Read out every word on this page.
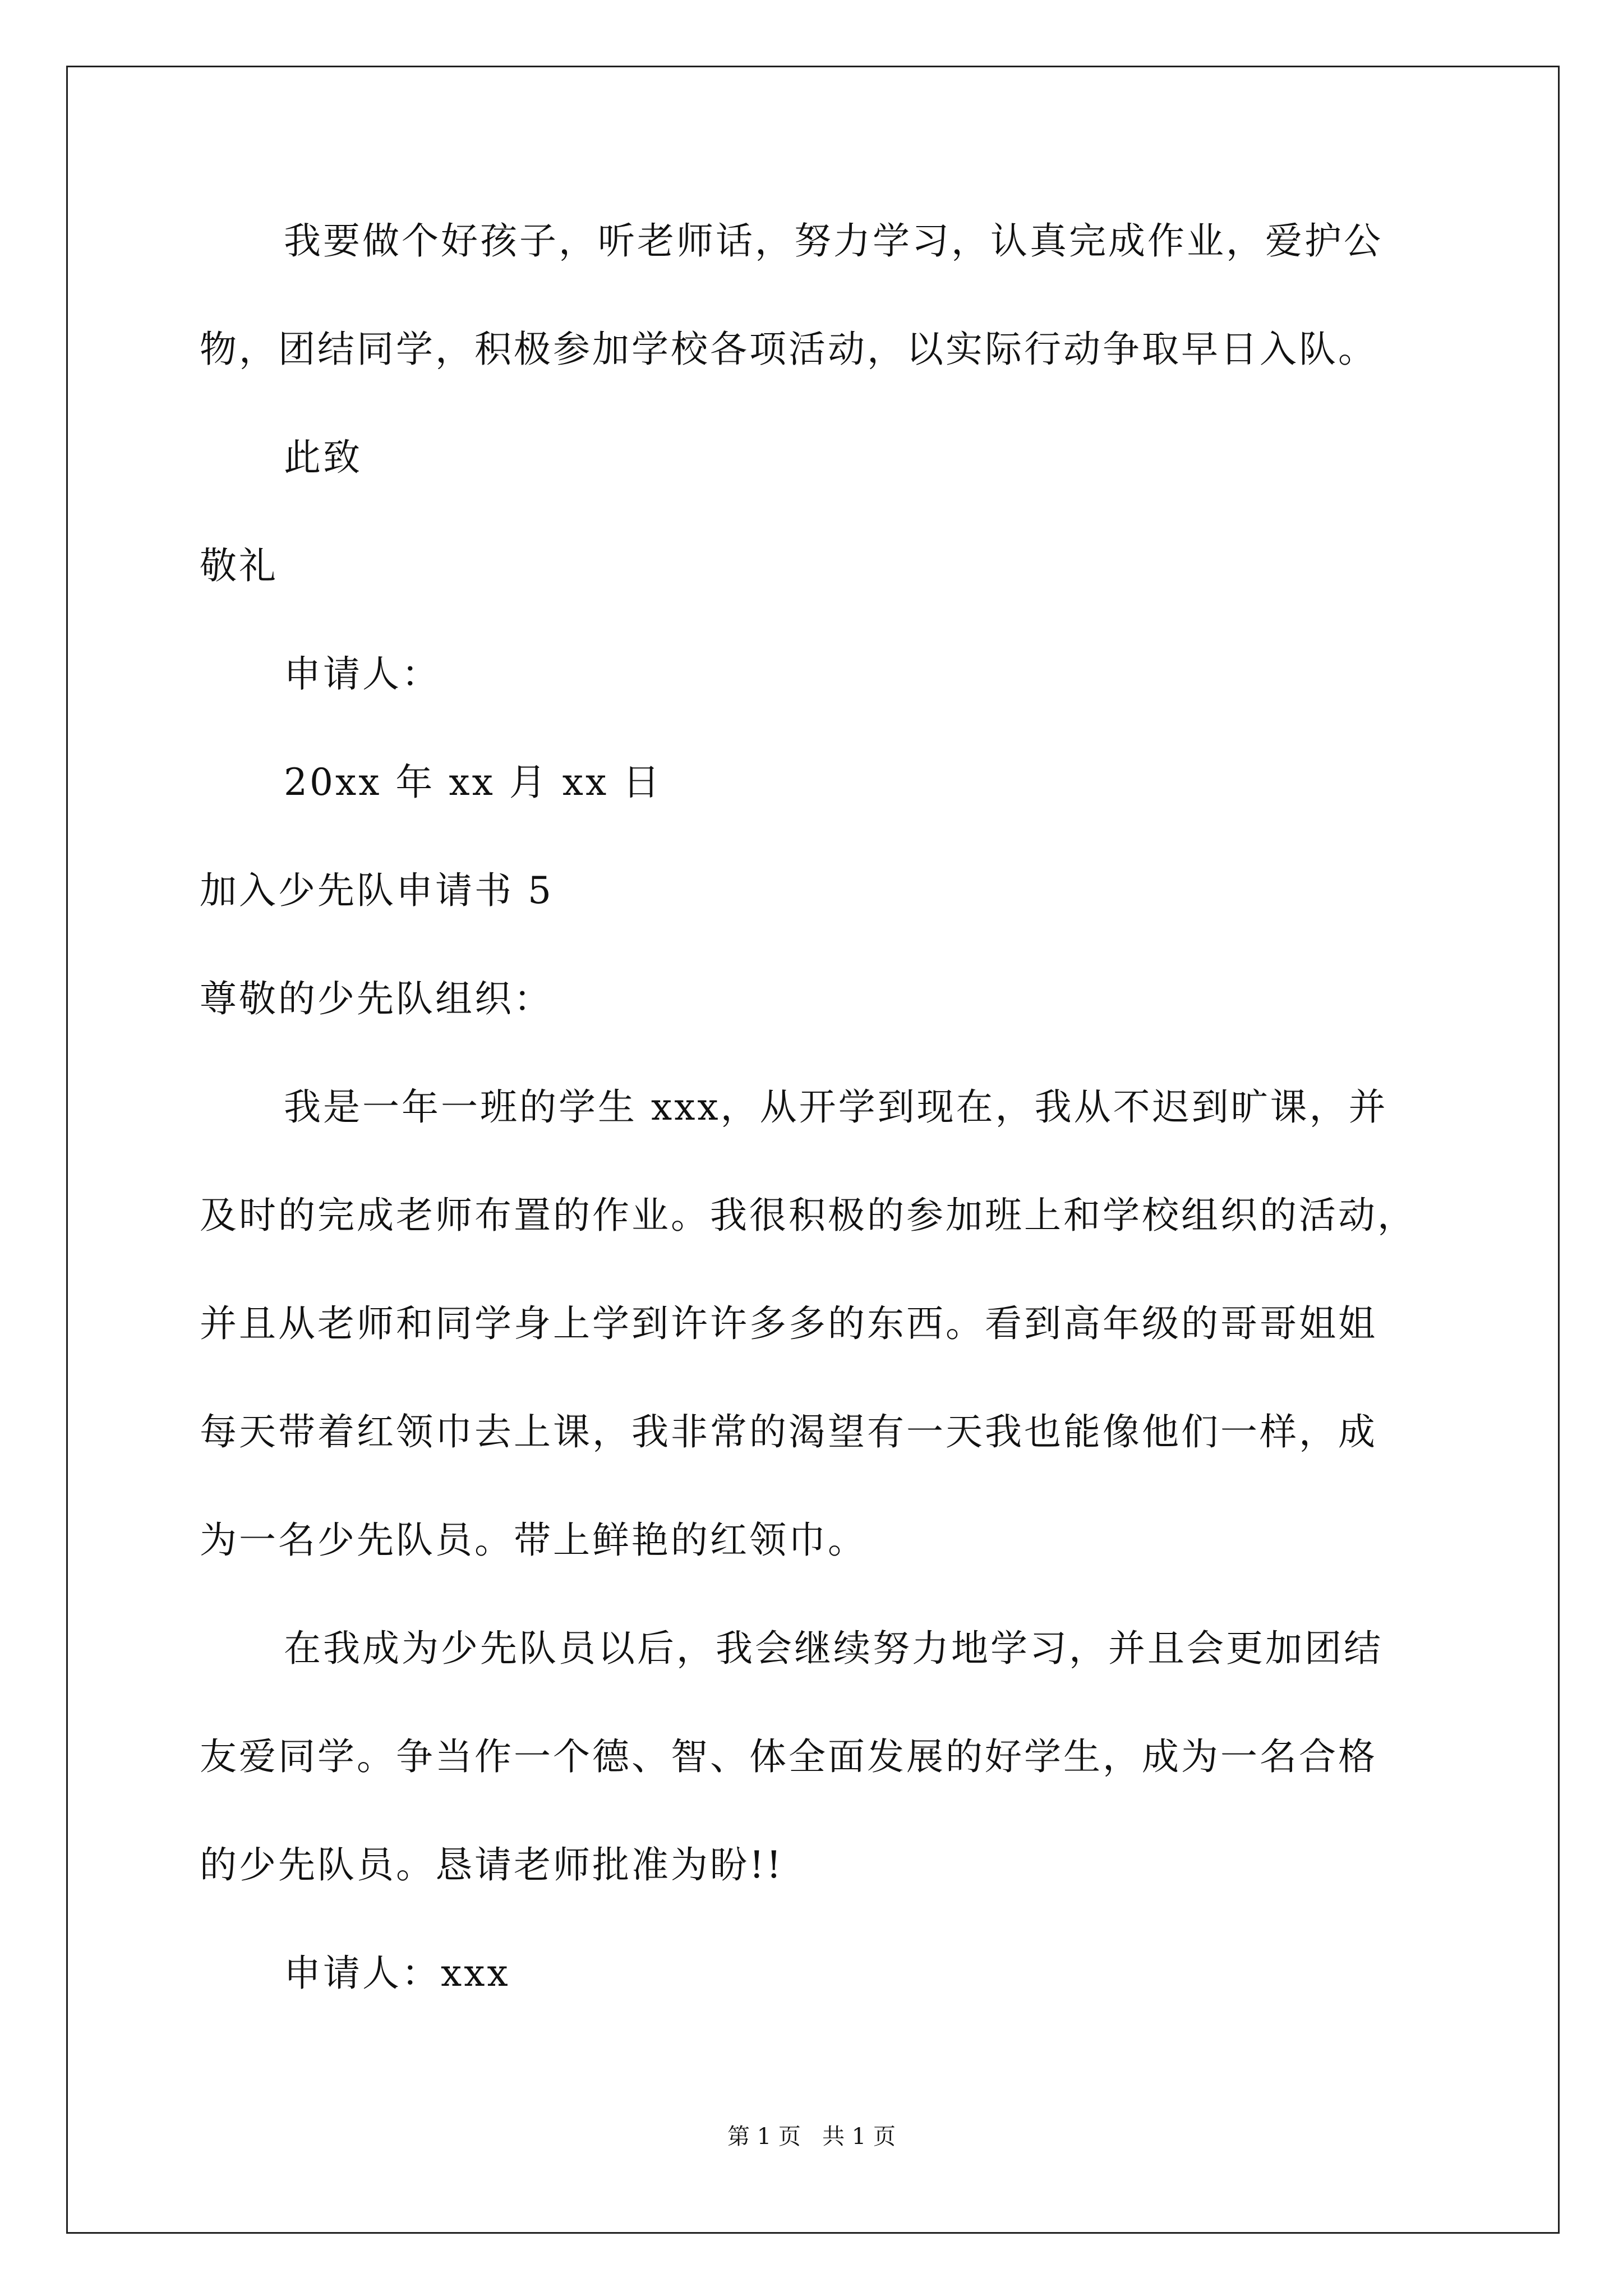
我要做个好孩子，听老师话，努力学习，认真完成作业，爱护公
物，团结同学，积极参加学校各项活动，以实际行动争取早日入队。
此致
敬礼
申请人：
20xx 年 xx 月 xx 日
加入少先队申请书 5
尊敬的少先队组织：
我是一年一班的学生 xxx，从开学到现在，我从不迟到旷课，并
及时的完成老师布置的作业。我很积极的参加班上和学校组织的活动，
并且从老师和同学身上学到许许多多的东西。看到高年级的哥哥姐姐
每天带着红领巾去上课，我非常的渴望有一天我也能像他们一样，成
为一名少先队员。带上鲜艳的红领巾。
在我成为少先队员以后，我会继续努力地学习，并且会更加团结
友爱同学。争当作一个德、智、体全面发展的好学生，成为一名合格
的少先队员。恳请老师批准为盼!!
申请人：xxx
第 1 页   共 1 页
